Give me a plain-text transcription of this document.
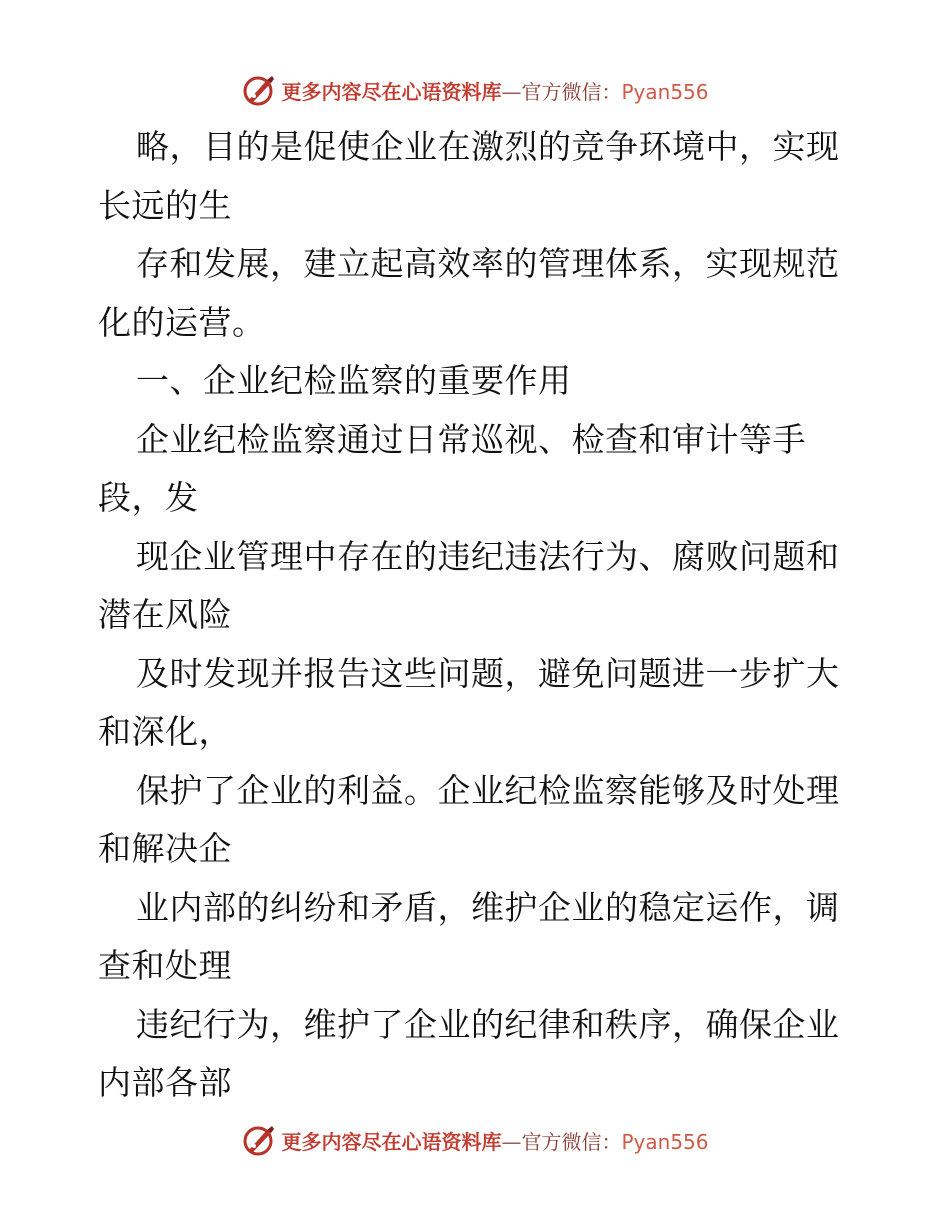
更多内容尽在心语资料库—官方微信：Pyan556
略，目的是促使企业在激烈的竞争环境中，实现
长远的生
存和发展，建立起高效率的管理体系，实现规范
化的运营。
一、企业纪检监察的重要作用
企业纪检监察通过日常巡视、检查和审计等手
段，发
现企业管理中存在的违纪违法行为、腐败问题和
潜在风险
及时发现并报告这些问题，避免问题进一步扩大
和深化，
保护了企业的利益。企业纪检监察能够及时处理
和解决企
业内部的纠纷和矛盾，维护企业的稳定运作，调
查和处理
违纪行为，维护了企业的纪律和秩序，确保企业
内部各部
更多内容尽在心语资料库—官方微信：Pyan556
